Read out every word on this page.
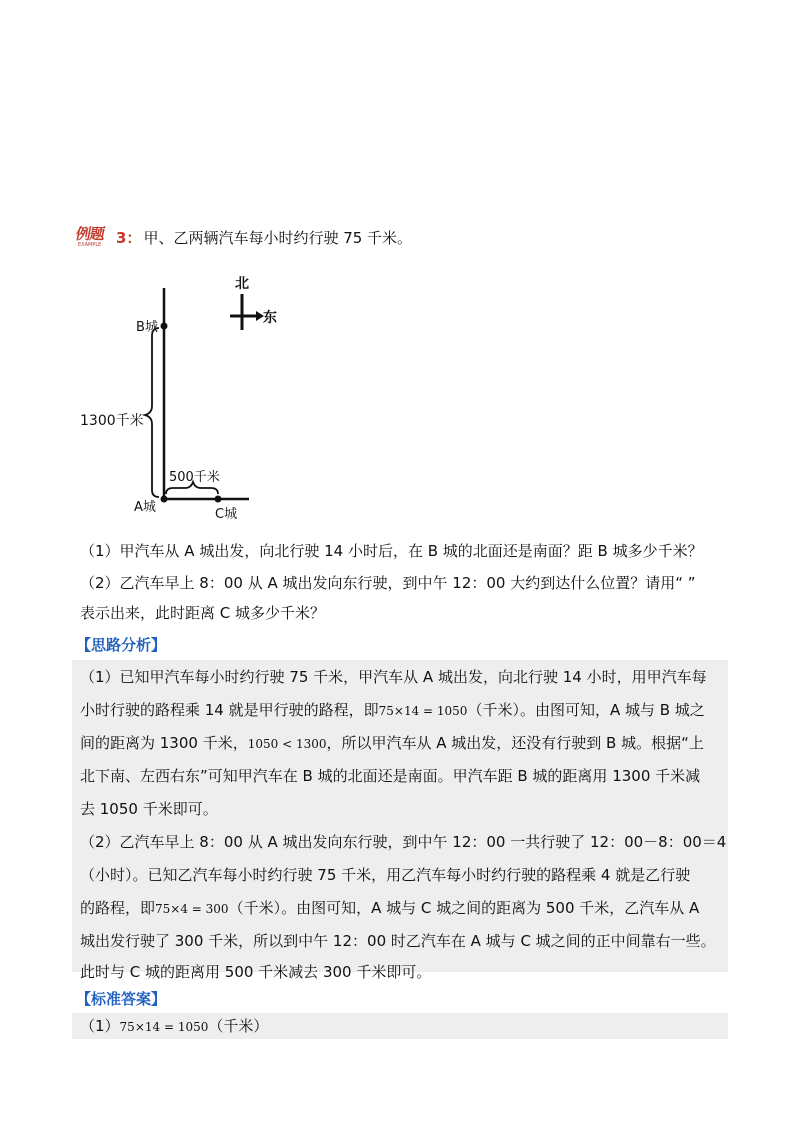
例题
EXAMPLE 3： 甲、乙两辆汽车每小时约行驶 75 千米。
北
东
B城
A城	C城
1300千米
500千米
（1）甲汽车从 A 城出发，向北行驶 14 小时后，在 B 城的北面还是南面？距 B 城多少千米？
（2）乙汽车早上 8：00 从 A 城出发向东行驶，到中午 12：00 大约到达什么位置？请用“ ”
表示出来，此时距离 C 城多少千米？
【思路分析】
（1）已知甲汽车每小时约行驶 75 千米，甲汽车从 A 城出发，向北行驶 14 小时，用甲汽车每
小时行驶的路程乘 14 就是甲行驶的路程，即75×14 = 1050（千米）。由图可知，A 城与 B 城之
间的距离为 1300 千米，1050 < 1300，所以甲汽车从 A 城出发，还没有行驶到 B 城。根据“上
北下南、左西右东”可知甲汽车在 B 城的北面还是南面。甲汽车距 B 城的距离用 1300 千米减
去 1050 千米即可。
（2）乙汽车早上 8：00 从 A 城出发向东行驶，到中午 12：00 一共行驶了 12：00－8：00＝4
（小时）。已知乙汽车每小时约行驶 75 千米，用乙汽车每小时约行驶的路程乘 4 就是乙行驶
的路程，即75×4 = 300（千米）。由图可知，A 城与 C 城之间的距离为 500 千米，乙汽车从 A
城出发行驶了 300 千米，所以到中午 12：00 时乙汽车在 A 城与 C 城之间的正中间靠右一些。
此时与 C 城的距离用 500 千米减去 300 千米即可。
【标准答案】
（1）75×14 = 1050（千米）
